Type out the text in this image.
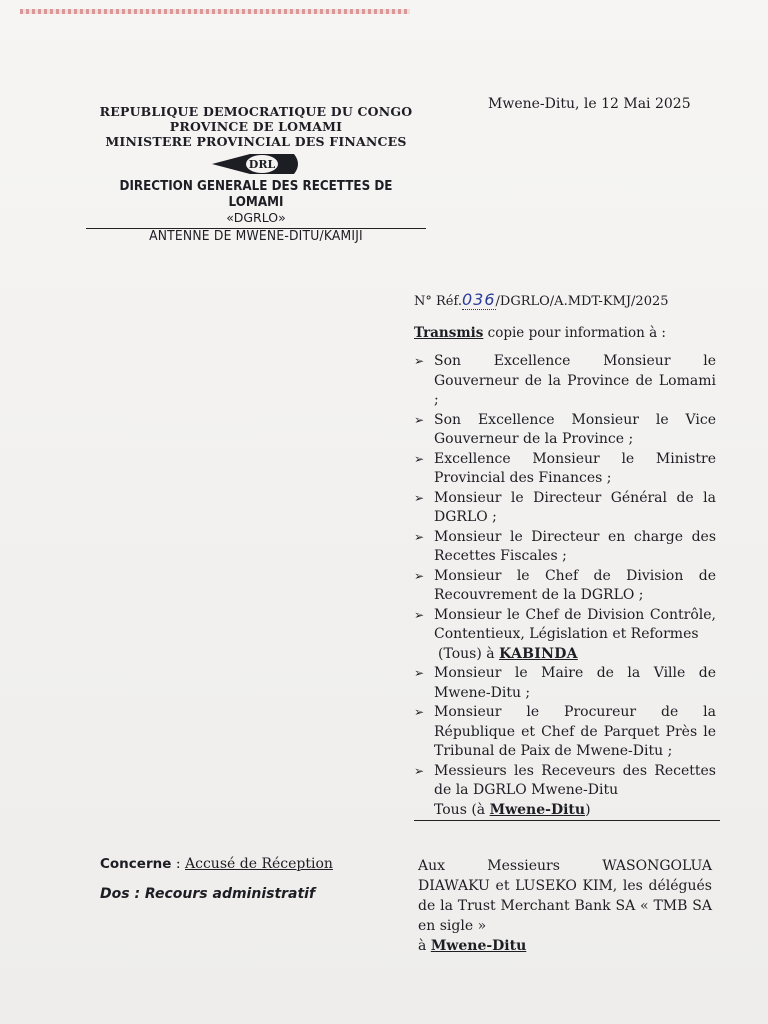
REPUBLIQUE DEMOCRATIQUE DU CONGO
PROVINCE DE LOMAMI
MINISTERE PROVINCIAL DES FINANCES
DRL
DIRECTION GENERALE DES RECETTES DE LOMAMI
«DGRLO»
ANTENNE DE MWENE-DITU/KAMIJI
Mwene-Ditu, le 12 Mai 2025
N° Réf.036/DGRLO/A.MDT-KMJ/2025
Transmis copie pour information à :
➢ Son Excellence Monsieur le Gouverneur de la Province de Lomami ;
➢ Son Excellence Monsieur le Vice Gouverneur de la Province ;
➢ Excellence Monsieur le Ministre Provincial des Finances ;
➢ Monsieur le Directeur Général de la DGRLO ;
➢ Monsieur le Directeur en charge des Recettes Fiscales ;
➢ Monsieur le Chef de Division de Recouvrement de la DGRLO ;
➢ Monsieur le Chef de Division Contrôle, Contentieux, Législation et Reformes
(Tous) à KABINDA
➢ Monsieur le Maire de la Ville de Mwene-Ditu ;
➢ Monsieur le Procureur de la République et Chef de Parquet Près le Tribunal de Paix de Mwene-Ditu ;
➢ Messieurs les Receveurs des Recettes de la DGRLO Mwene-Ditu
Tous (à Mwene-Ditu)
Concerne : Accusé de Réception
Dos : Recours administratif
Aux Messieurs WASONGOLUA DIAWAKU et LUSEKO KIM, les délégués de la Trust Merchant Bank SA « TMB SA en sigle »
à Mwene-Ditu
